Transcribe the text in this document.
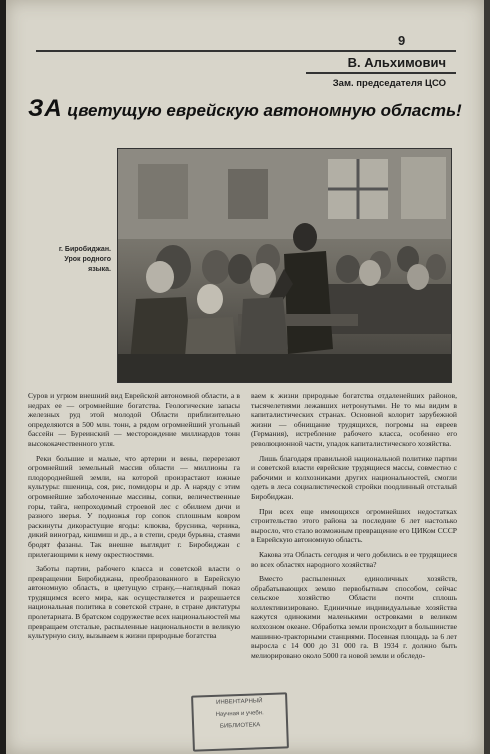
9
В. Альхимович
Зам. председателя ЦСО
ЗА цветущую еврейскую автономную область!
г. Биробиджан.
Урок родного
языка.

Суров и угрюм внешний вид Еврейской автономной области, а в недрах ее — огромнейшие богатства. Геологические запасы железных руд этой молодой Области приблизительно определяются в 500 млн. тонн, а рядом огромнейший угольный бассейн — Буреинский — месторождение миллиардов тонн высококачественного угля.

Реки большие и малые, что артерии и вены, перерезают огромнейший земельный массив области — миллионы га плодороднейшей земли, на которой произрастают южные культуры: пшеница, соя, рис, помидоры и др. А наряду с этим огромнейшие заболоченные массивы, сопки, величественные горы, тайга, непроходимый строевой лес с обилием дичи и разного зверья. У подножья гор сопок сплошным ковром раскинуты дикорастущие ягоды: клюква, брусника, черника, дикий виноград, кишмиш и др., а в степи, среди бурьяна, стаями бродят фазаны. Так внешне выглядит г. Биробиджан с прилегающими к нему окрестностями.

Заботы партии, рабочего класса и советской власти о превращении Биробиджана, преобразованного в Еврейскую автономную область, в цветущую страну,—наглядный показ трудящимся всего мира, как осуществляется и разрешается национальная политика в советской стране, в стране диктатуры пролетариата. В братском содружестве всех национальностей мы превращаем отсталые, распыленные национальности в великую культурную силу, вызываем к жизни природные богатства

ваем к жизни природные богатства отдаленейших районов, тысячелетиями лежавших нетронутыми. Не то мы видим в капиталистических странах. Основной колорит зарубежной жизни — обнищание трудящихся, погромы на евреев (Германия), истребление рабочего класса, особенно его революционной части, упадок капиталистического хозяйства.

Лишь благодаря правильной национальной политике партии и советской власти еврейские трудящиеся массы, совместно с рабочими и колхозниками других национальностей, смогли одеть в леса социалистической стройки поодлинный отсталый Биробиджан.

При всех еще имеющихся огромнейших недостатках строительство этого района за последние 6 лет настолько выросло, что стало возможным превращение его ЦИКом СССР в Еврейскую автономную область.

Какова эта Область сегодня и чего добились в ее трудящиеся во всех областях народного хозяйства?

Вместо распыленных единоличных хозяйств, обрабатывающих землю первобытным способом, сейчас сельское хозяйство Области почти сплошь коллективизировано. Единичные индивидуальные хозяйства кажутся одинокими маленькими островками в великом колхозном океане. Обработка земли происходит в большинстве машинно-тракторными станциями. Посевная площадь за 6 лет выросла с 14 000 до 31 000 га. В 1934 г. должно быть мелиорировано около 5000 га новой земли и обследо-

ИНВЕНТАРНЫЙ
Научная и учебн.
БИБЛИОТЕКА
